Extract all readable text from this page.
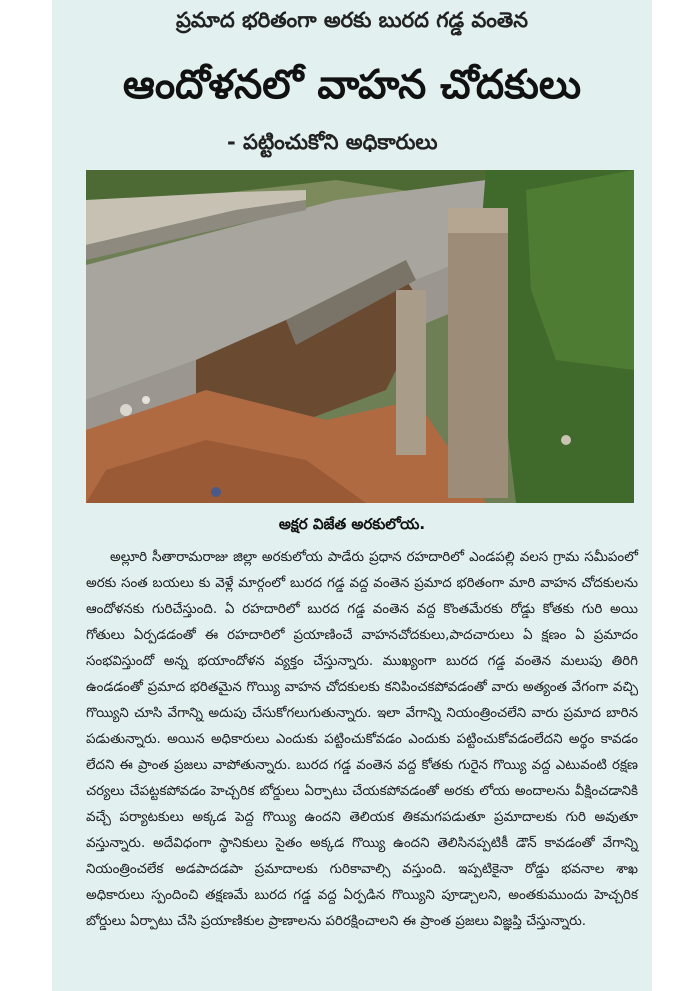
ప్రమాద భరితంగా అరకు బురద గడ్డ వంతెన
ఆందోళనలో వాహన చోదకులు
- పట్టించుకోని అధికారులు
అక్షర విజేత అరకులోయ.
అల్లూరి సీతారామరాజు జిల్లా అరకులోయ పాడేరు ప్రధాన రహదారిలో ఎండపల్లి వలస గ్రామ సమీపంలో అరకు సంత బయలు కు వెళ్లే మార్గంలో బురద గడ్డ వద్ద వంతెన ప్రమాద భరితంగా మారి వాహన చోదకులను ఆందోళనకు గురిచేస్తుంది. ఏ రహదారిలో బురద గడ్డ వంతెన వద్ద కొంతమేరకు రోడ్డు కోతకు గురి అయి గోతులు ఏర్పడడంతో ఈ రహదారిలో ప్రయాణించే వాహనచోదకులు,పాదచారులు ఏ క్షణం ఏ ప్రమాదం సంభవిస్తుందో అన్న భయాందోళన వ్యక్తం చేస్తున్నారు. ముఖ్యంగా బురద గడ్డ వంతెన మలుపు తిరిగి ఉండడంతో ప్రమాద భరితమైన గొయ్యి వాహన చోదకులకు కనిపించకపోవడంతో వారు అత్యంత వేగంగా వచ్చి గొయ్యిని చూసి వేగాన్ని అదుపు చేసుకోగలుగుతున్నారు. ఇలా వేగాన్ని నియంత్రించలేని వారు ప్రమాద బారిన పడుతున్నారు. అయిన అధికారులు ఎందుకు పట్టించుకోవడం ఎందుకు పట్టించుకోవడంలేదని అర్థం కావడం లేదని ఈ ప్రాంత ప్రజలు వాపోతున్నారు. బురద గడ్డ వంతెన వద్ద కోతకు గురైన గొయ్యి వద్ద ఎటువంటి రక్షణ చర్యలు చేపట్టకపోవడం హెచ్చరిక బోర్డులు ఏర్పాటు చేయకపోవడంతో అరకు లోయ అందాలను వీక్షించడానికి వచ్చే పర్యాటకులు అక్కడ పెద్ద గొయ్యి ఉందని తెలియక తికమగపడుతూ ప్రమాదాలకు గురి అవుతూ వస్తున్నారు. అదేవిధంగా స్థానికులు సైతం అక్కడ గొయ్యి ఉందని తెలిసినప్పటికీ డౌన్ కావడంతో వేగాన్ని నియంత్రించలేక అడపాదడపా ప్రమాదాలకు గురికావాల్సి వస్తుంది. ఇప్పటికైనా రోడ్డు భవనాల శాఖ అధికారులు స్పందించి తక్షణమే బురద గడ్డ వద్ద ఏర్పడిన గొయ్యిని పూడ్చాలని, అంతకుముందు హెచ్చరిక బోర్డులు ఏర్పాటు చేసి ప్రయాణికుల ప్రాణాలను పరిరక్షించాలని ఈ ప్రాంత ప్రజలు విజ్ఞప్తి చేస్తున్నారు.
